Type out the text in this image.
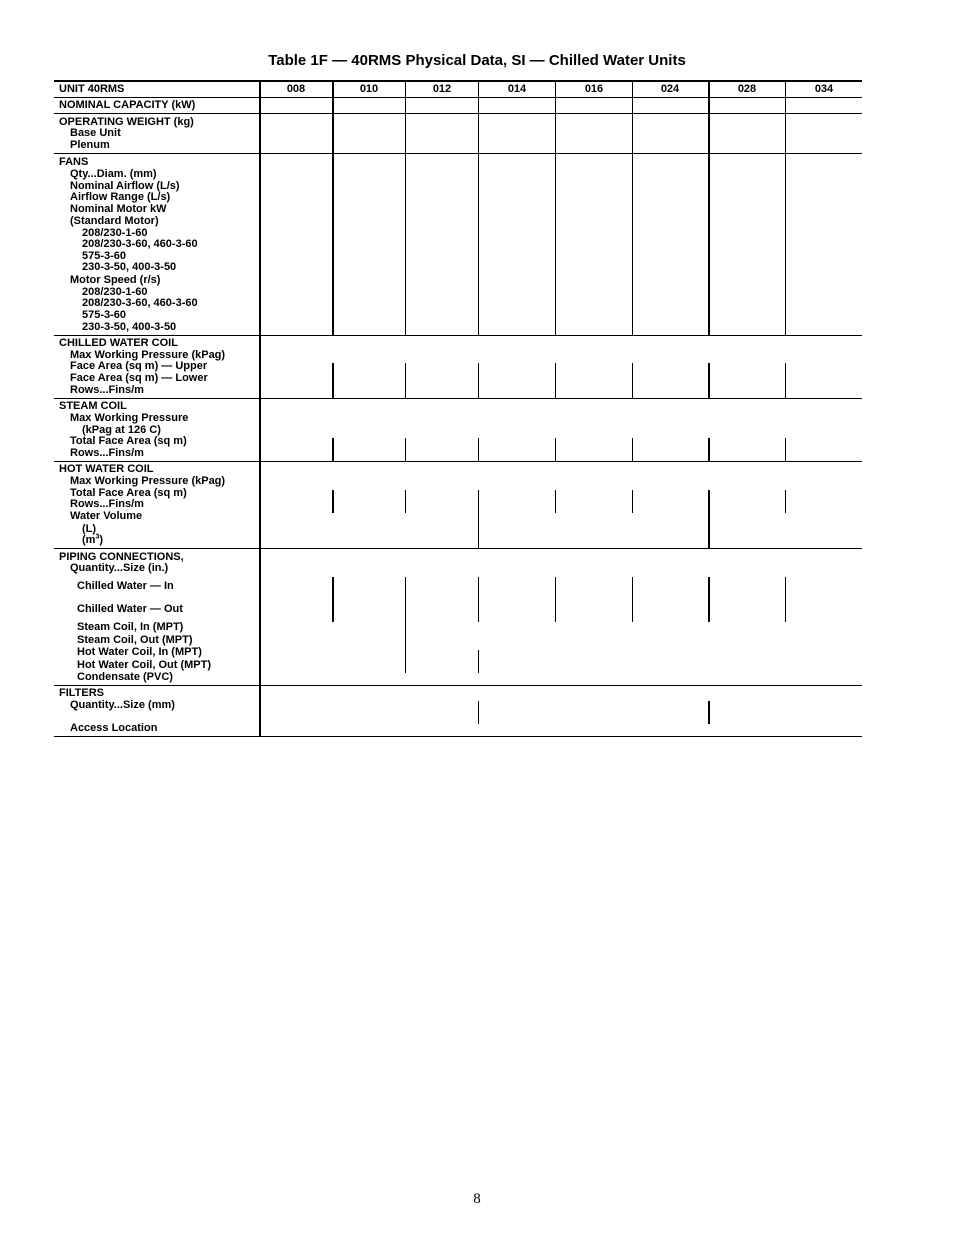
Table 1F — 40RMS Physical Data, SI — Chilled Water Units
UNIT 40RMS	008	010	012	014	016	024	028	034
NOMINAL CAPACITY (kW)
OPERATING WEIGHT (kg)
Base Unit
Plenum
FANS
Qty...Diam. (mm)
Nominal Airflow (L/s)
Airflow Range (L/s)
Nominal Motor kW
(Standard Motor)
208/230-1-60
208/230-3-60, 460-3-60
575-3-60
230-3-50, 400-3-50
Motor Speed (r/s)
208/230-1-60
208/230-3-60, 460-3-60
575-3-60
230-3-50, 400-3-50
CHILLED WATER COIL
Max Working Pressure (kPag)
Face Area (sq m) — Upper
Face Area (sq m) — Lower
Rows...Fins/m
STEAM COIL
Max Working Pressure
(kPag at 126 C)
Total Face Area (sq m)
Rows...Fins/m
HOT WATER COIL
Max Working Pressure (kPag)
Total Face Area (sq m)
Rows...Fins/m
Water Volume
(L)
$(m^3)$
PIPING CONNECTIONS,
Quantity...Size (in.)
Chilled Water — In
Chilled Water — Out
Steam Coil, In (MPT)
Steam Coil, Out (MPT)
Hot Water Coil, In (MPT)
Hot Water Coil, Out (MPT)
Condensate (PVC)
FILTERS
Quantity...Size (mm)
Access Location
8
